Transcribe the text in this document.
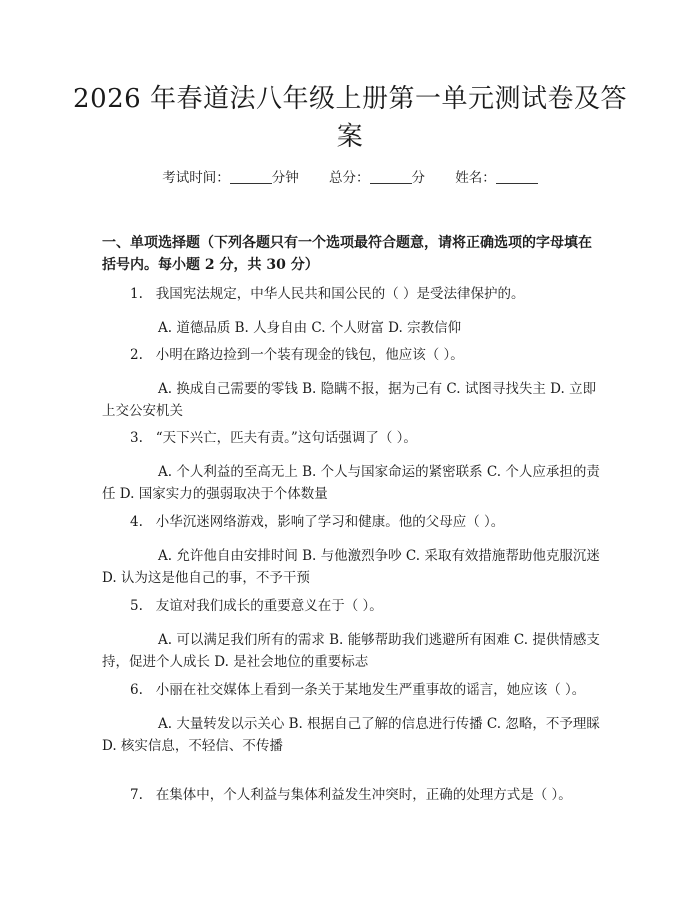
2026 年春道法八年级上册第一单元测试卷及答案
考试时间：	分钟 总分：	分 姓名：

一、单项选择题（下列各题只有一个选项最符合题意，请将正确选项的字母填在括号内。每小题 2 分，共 30 分）

1. 我国宪法规定，中华人民共和国公民的（ ）是受法律保护的。
A. 道德品质 B. 人身自由 C. 个人财富 D. 宗教信仰
2. 小明在路边捡到一个装有现金的钱包，他应该（ ）。
A. 换成自己需要的零钱 B. 隐瞒不报，据为己有 C. 试图寻找失主 D. 立即上交公安机关
3. “天下兴亡，匹夫有责。”这句话强调了（ ）。
A. 个人利益的至高无上 B. 个人与国家命运的紧密联系 C. 个人应承担的责任 D. 国家实力的强弱取决于个体数量
4. 小华沉迷网络游戏，影响了学习和健康。他的父母应（ ）。
A. 允许他自由安排时间 B. 与他激烈争吵 C. 采取有效措施帮助他克服沉迷 D. 认为这是他自己的事，不予干预
5. 友谊对我们成长的重要意义在于（ ）。
A. 可以满足我们所有的需求 B. 能够帮助我们逃避所有困难 C. 提供情感支持，促进个人成长 D. 是社会地位的重要标志
6. 小丽在社交媒体上看到一条关于某地发生严重事故的谣言，她应该（ ）。
A. 大量转发以示关心 B. 根据自己了解的信息进行传播 C. 忽略，不予理睬 D. 核实信息，不轻信、不传播
7. 在集体中，个人利益与集体利益发生冲突时，正确的处理方式是（ ）。
